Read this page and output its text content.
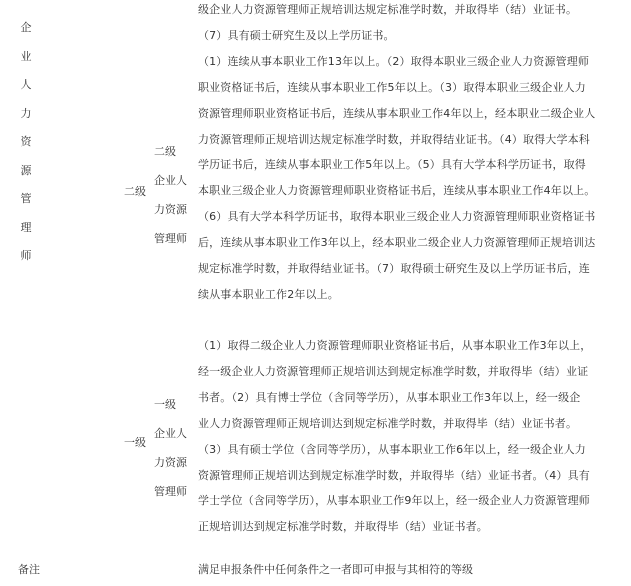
企
业
人
力
资
源
管
理
师
二级
二级
企业人
力资源
管理师
级企业人力资源管理师正规培训达规定标准学时数，并取得毕（结）业证书。
（7）具有硕士研究生及以上学历证书。
（1）连续从事本职业工作13年以上。（2）取得本职业三级企业人力资源管理师
职业资格证书后，连续从事本职业工作5年以上。（3）取得本职业三级企业人力
资源管理师职业资格证书后，连续从事本职业工作4年以上，经本职业二级企业人
力资源管理师正规培训达规定标准学时数，并取得结业证书。（4）取得大学本科
学历证书后，连续从事本职业工作5年以上。（5）具有大学本科学历证书，取得
本职业三级企业人力资源管理师职业资格证书后，连续从事本职业工作4年以上。
（6）具有大学本科学历证书，取得本职业三级企业人力资源管理师职业资格证书
后，连续从事本职业工作3年以上，经本职业二级企业人力资源管理师正规培训达
规定标准学时数，并取得结业证书。（7）取得硕士研究生及以上学历证书后，连
续从事本职业工作2年以上。
一级
一级
企业人
力资源
管理师
（1）取得二级企业人力资源管理师职业资格证书后，从事本职业工作3年以上，
经一级企业人力资源管理师正规培训达到规定标准学时数，并取得毕（结）业证
书者。（2）具有博士学位（含同等学历），从事本职业工作3年以上，经一级企
业人力资源管理师正规培训达到规定标准学时数，并取得毕（结）业证书者。
（3）具有硕士学位（含同等学历），从事本职业工作6年以上，经一级企业人力
资源管理师正规培训达到规定标准学时数，并取得毕（结）业证书者。（4）具有
学士学位（含同等学历），从事本职业工作9年以上，经一级企业人力资源管理师
正规培训达到规定标准学时数，并取得毕（结）业证书者。
备注	满足申报条件中任何条件之一者即可申报与其相符的等级
